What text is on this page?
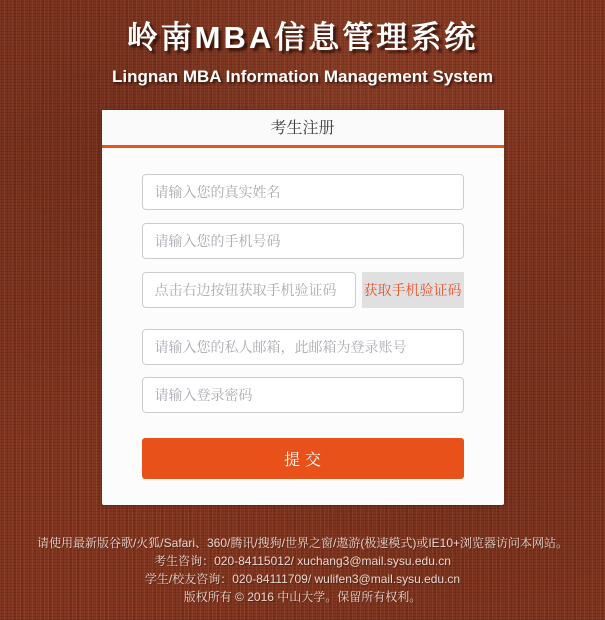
岭南MBA信息管理系统
Lingnan MBA Information Management System
考生注册
请输入您的真实姓名
请输入您的手机号码
点击右边按钮获取手机验证码
获取手机验证码
请输入您的私人邮箱，此邮箱为登录账号
提交
请使用最新版谷歌/火狐/Safari、360/腾讯/搜狗/世界之窗/遨游(极速模式)或IE10+浏览器访问本网站。
考生咨询：020-84115012/ xuchang3@mail.sysu.edu.cn
学生/校友咨询：020-84111709/ wulifen3@mail.sysu.edu.cn
版权所有 © 2016 中山大学。保留所有权利。
